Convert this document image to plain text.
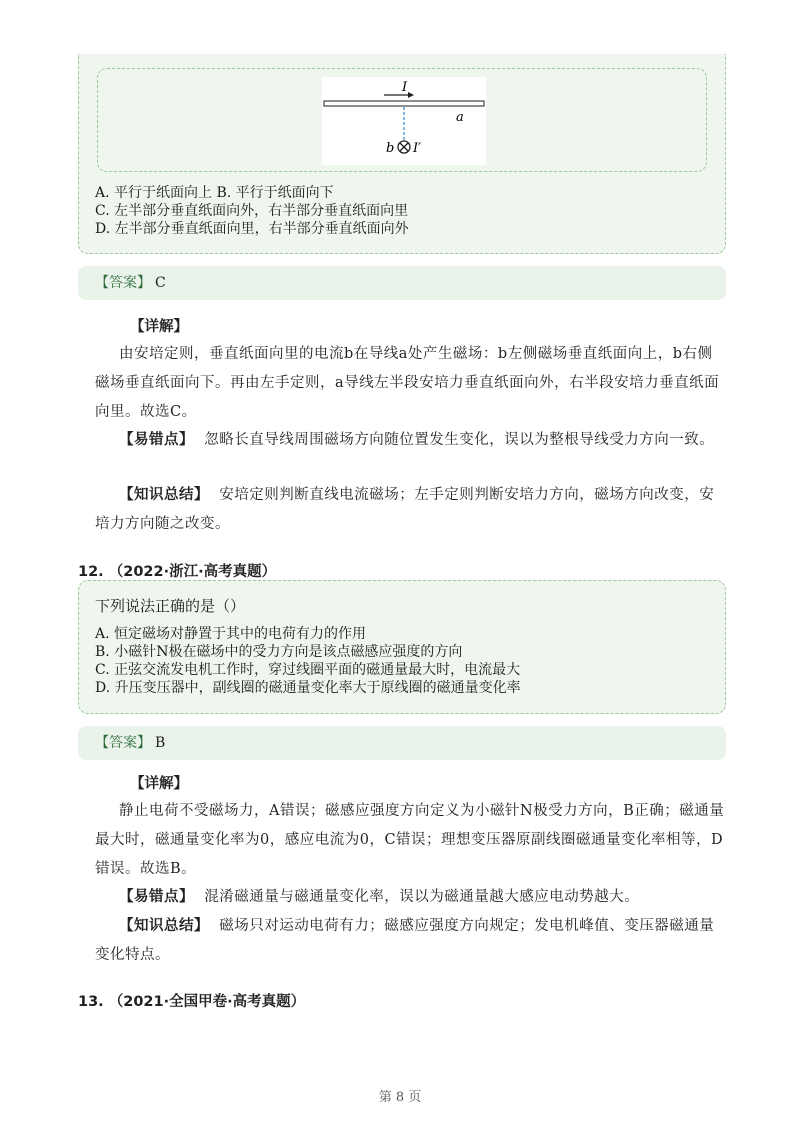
I
a
b I′
A. 平行于纸面向上 B. 平行于纸面向下
C. 左半部分垂直纸面向外，右半部分垂直纸面向里
D. 左半部分垂直纸面向里，右半部分垂直纸面向外
【答案】 C
【详解】
由安培定则，垂直纸面向里的电流b在导线a处产生磁场：b左侧磁场垂直纸面向上，b右侧磁场垂直纸面向下。再由左手定则，a导线左半段安培力垂直纸面向外，右半段安培力垂直纸面向里。故选C。
【易错点】 忽略长直导线周围磁场方向随位置发生变化，误以为整根导线受力方向一致。
【知识总结】 安培定则判断直线电流磁场；左手定则判断安培力方向，磁场方向改变，安培力方向随之改变。
12. （2022·浙江·高考真题）
下列说法正确的是（）
A. 恒定磁场对静置于其中的电荷有力的作用
B. 小磁针N极在磁场中的受力方向是该点磁感应强度的方向
C. 正弦交流发电机工作时，穿过线圈平面的磁通量最大时，电流最大
D. 升压变压器中，副线圈的磁通量变化率大于原线圈的磁通量变化率
【答案】 B
【详解】
静止电荷不受磁场力，A错误；磁感应强度方向定义为小磁针N极受力方向，B正确；磁通量最大时，磁通量变化率为0，感应电流为0，C错误；理想变压器原副线圈磁通量变化率相等，D错误。故选B。
【易错点】 混淆磁通量与磁通量变化率，误以为磁通量越大感应电动势越大。
【知识总结】 磁场只对运动电荷有力；磁感应强度方向规定；发电机峰值、变压器磁通量变化特点。
13. （2021·全国甲卷·高考真题）
第 8 页
